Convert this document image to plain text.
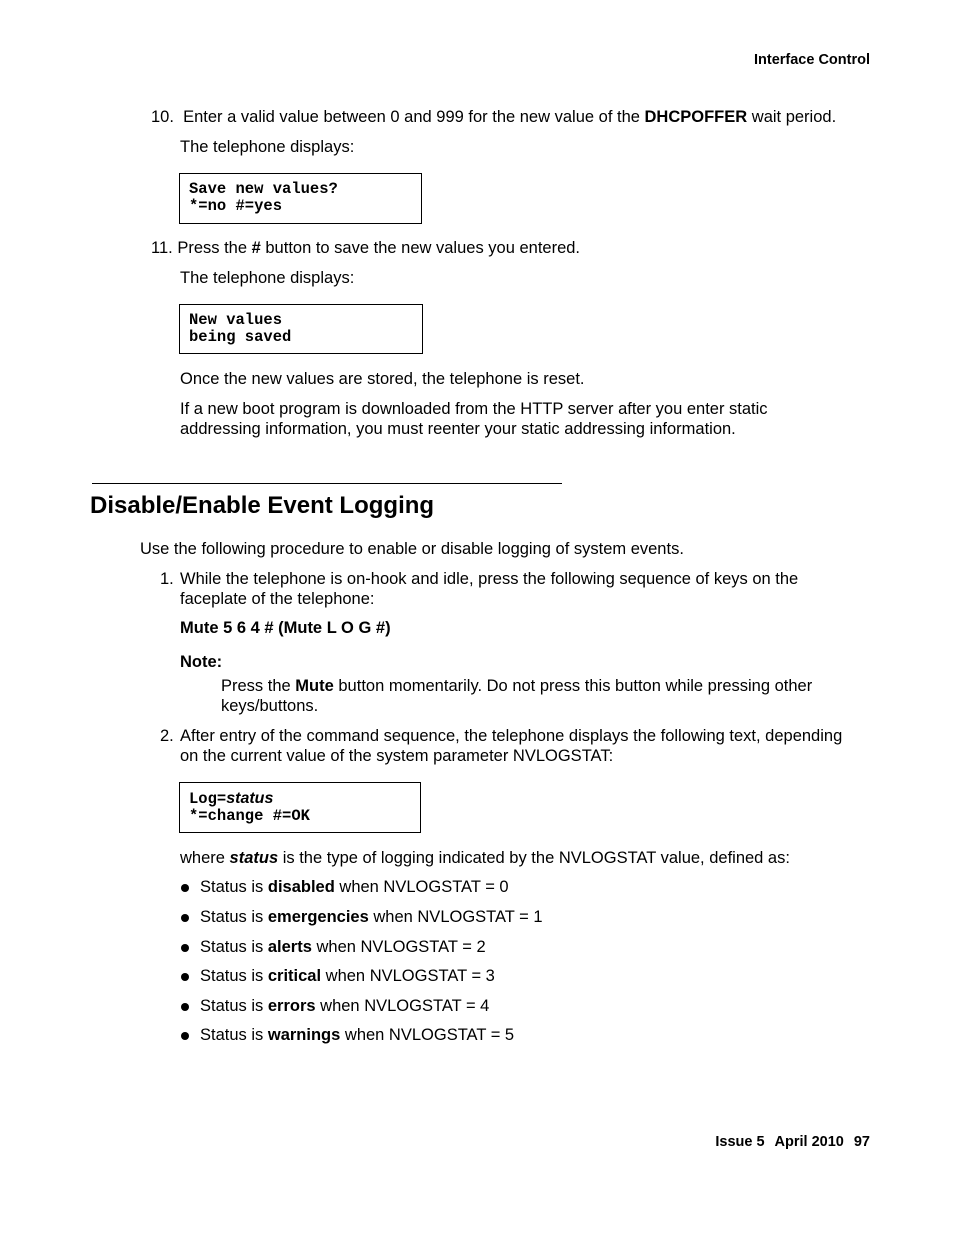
Interface Control
10. Enter a valid value between 0 and 999 for the new value of the DHCPOFFER wait period.
The telephone displays:
Save new values?
*=no #=yes
11. Press the # button to save the new values you entered.
The telephone displays:
New values
being saved
Once the new values are stored, the telephone is reset.
If a new boot program is downloaded from the HTTP server after you enter static
addressing information, you must reenter your static addressing information.
Disable/Enable Event Logging
Use the following procedure to enable or disable logging of system events.
1. While the telephone is on-hook and idle, press the following sequence of keys on the
faceplate of the telephone:
Mute 5 6 4 # (Mute L O G #)
Note:
Press the Mute button momentarily. Do not press this button while pressing other
keys/buttons.
2. After entry of the command sequence, the telephone displays the following text, depending
on the current value of the system parameter NVLOGSTAT:
Log=status
*=change #=OK
where status is the type of logging indicated by the NVLOGSTAT value, defined as:
Status is disabled when NVLOGSTAT = 0
Status is emergencies when NVLOGSTAT = 1
Status is alerts when NVLOGSTAT = 2
Status is critical when NVLOGSTAT = 3
Status is errors when NVLOGSTAT = 4
Status is warnings when NVLOGSTAT = 5
Issue 5 April 2010 97
